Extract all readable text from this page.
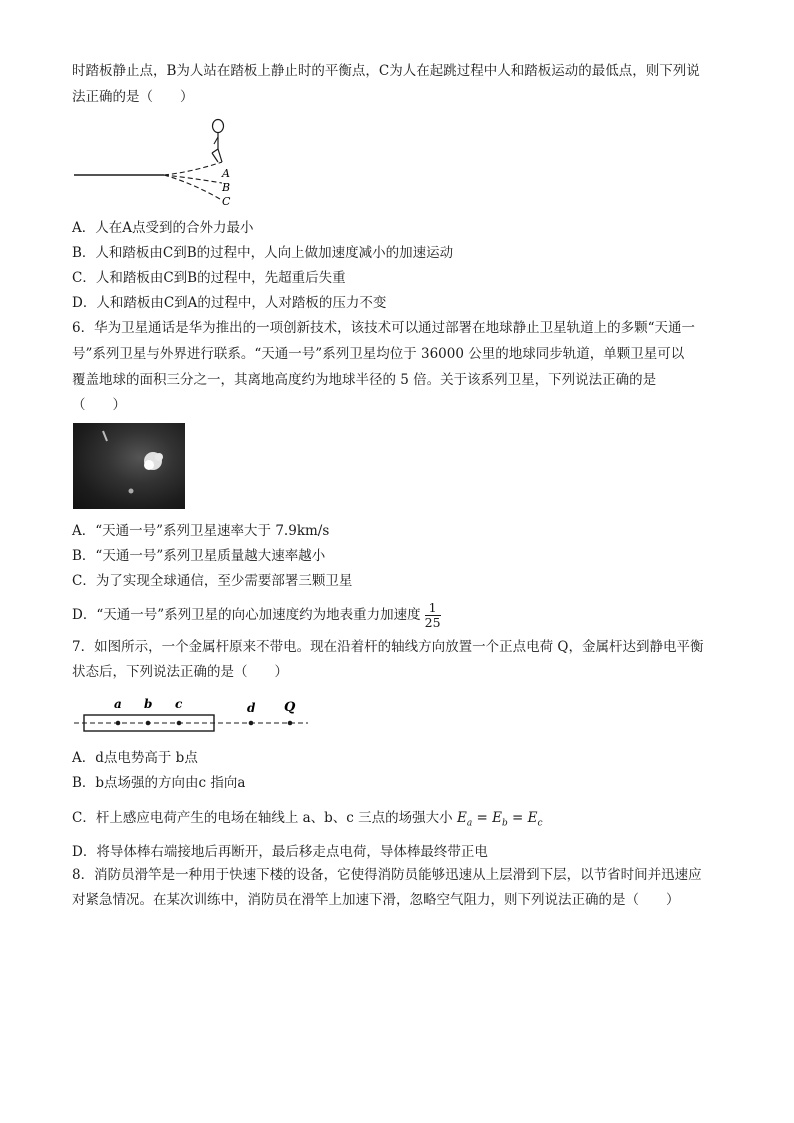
时踏板静止点，B为人站在踏板上静止时的平衡点，C为人在起跳过程中人和踏板运动的最低点，则下列说
法正确的是（　　）
A
B
C
A．人在A点受到的合外力最小
B．人和踏板由C到B的过程中，人向上做加速度减小的加速运动
C．人和踏板由C到B的过程中，先超重后失重
D．人和踏板由C到A的过程中，人对踏板的压力不变
6．华为卫星通话是华为推出的一项创新技术，该技术可以通过部署在地球静止卫星轨道上的多颗“天通一
号”系列卫星与外界进行联系。“天通一号”系列卫星均位于 36000 公里的地球同步轨道，单颗卫星可以
覆盖地球的面积三分之一，其离地高度约为地球半径的 5 倍。关于该系列卫星，下列说法正确的是
（　　）
A．“天通一号”系列卫星速率大于 7.9km/s
B．“天通一号”系列卫星质量越大速率越小
C．为了实现全球通信，至少需要部署三颗卫星
D．“天通一号”系列卫星的向心加速度约为地表重力加速度 $\frac{1}{25}$
7．如图所示，一个金属杆原来不带电。现在沿着杆的轴线方向放置一个正点电荷 Q，金属杆达到静电平衡
状态后，下列说法正确的是（　　）
a b c	d Q
A．d点电势高于 b点
B．b点场强的方向由c 指向a
C．杆上感应电荷产生的电场在轴线上 a、b、c 三点的场强大小 $E_a = E_b = E_c$
D．将导体棒右端接地后再断开，最后移走点电荷，导体棒最终带正电
8．消防员滑竿是一种用于快速下楼的设备，它使得消防员能够迅速从上层滑到下层，以节省时间并迅速应
对紧急情况。在某次训练中，消防员在滑竿上加速下滑，忽略空气阻力，则下列说法正确的是（　　）
